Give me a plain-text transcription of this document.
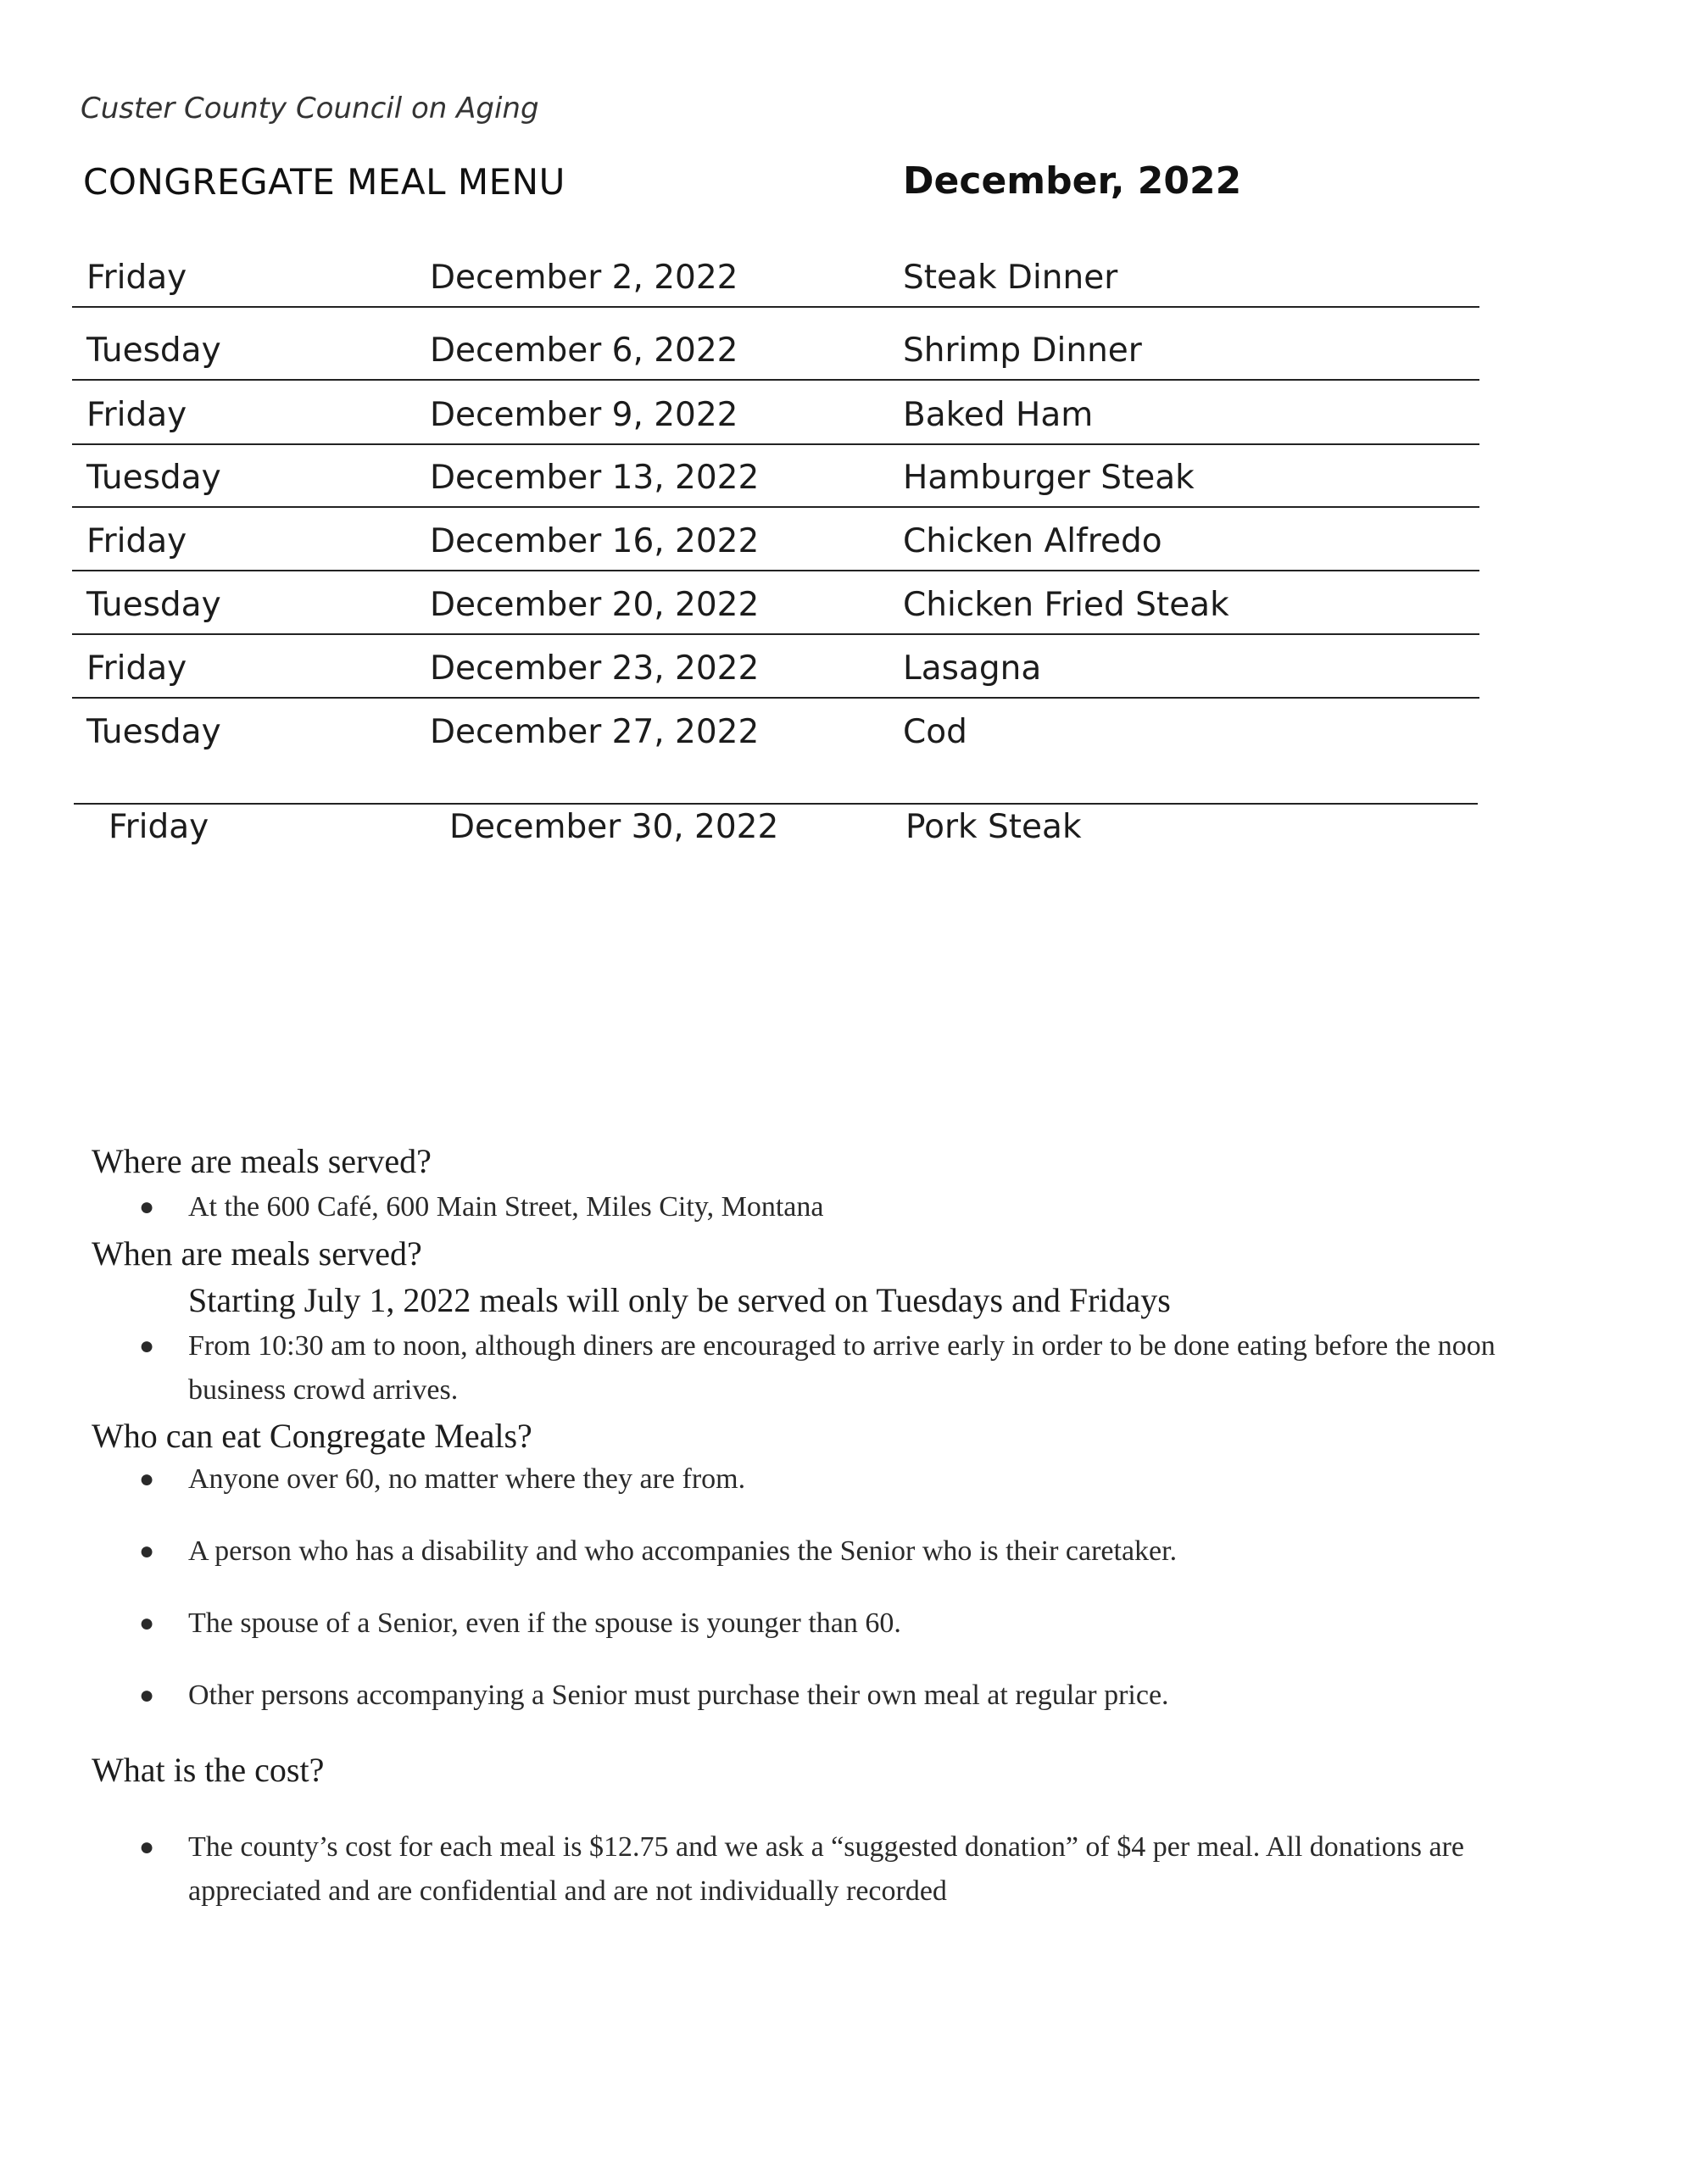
Custer County Council on Aging
CONGREGATE MEAL MENU	December, 2022
Friday	December 2, 2022	Steak Dinner
Tuesday	December 6, 2022	Shrimp Dinner
Friday	December 9, 2022	Baked Ham
Tuesday	December 13, 2022	Hamburger Steak
Friday	December 16, 2022	Chicken Alfredo
Tuesday	December 20, 2022	Chicken Fried Steak
Friday	December 23, 2022	Lasagna
Tuesday	December 27, 2022	Cod
Friday	December 30, 2022	Pork Steak
Where are meals served?
● At the 600 Café, 600 Main Street, Miles City, Montana
When are meals served?
Starting July 1, 2022 meals will only be served on Tuesdays and Fridays
● From 10:30 am to noon, although diners are encouraged to arrive early in order to be done eating before the noon business crowd arrives.
Who can eat Congregate Meals?
● Anyone over 60, no matter where they are from.
● A person who has a disability and who accompanies the Senior who is their caretaker.
● The spouse of a Senior, even if the spouse is younger than 60.
● Other persons accompanying a Senior must purchase their own meal at regular price.
What is the cost?
● The county’s cost for each meal is $12.75 and we ask a “suggested donation” of $4 per meal. All donations are appreciated and are confidential and are not individually recorded
